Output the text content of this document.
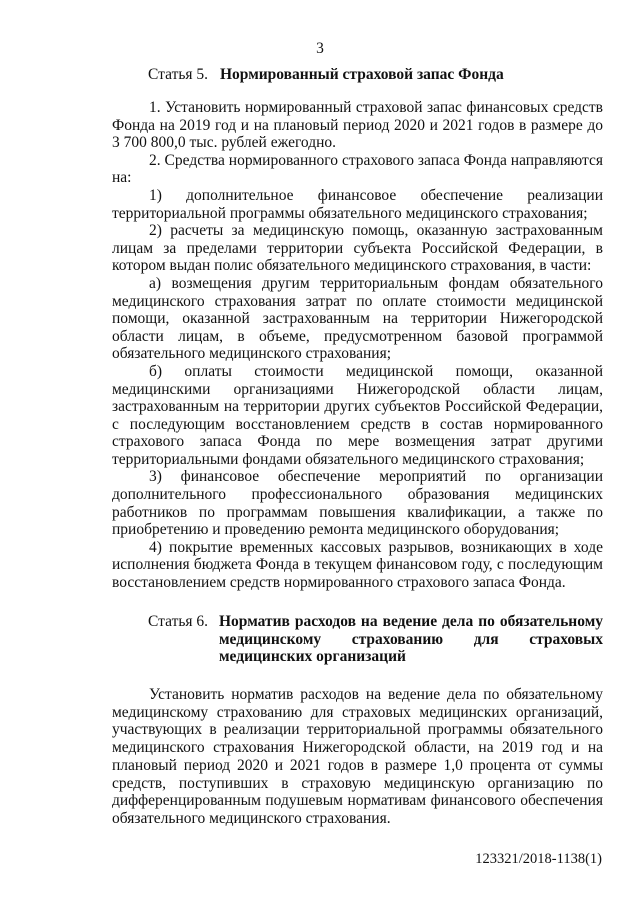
3
Статья 5. Нормированный страховой запас Фонда

1. Установить нормированный страховой запас финансовых средств Фонда на 2019 год и на плановый период 2020 и 2021 годов в размере до 3 700 800,0 тыс. рублей ежегодно.

2. Средства нормированного страхового запаса Фонда направляются на:

1) дополнительное финансовое обеспечение реализации территориальной программы обязательного медицинского страхования;

2) расчеты за медицинскую помощь, оказанную застрахованным лицам за пределами территории субъекта Российской Федерации, в котором выдан полис обязательного медицинского страхования, в части:

а) возмещения другим территориальным фондам обязательного медицинского страхования затрат по оплате стоимости медицинской помощи, оказанной застрахованным на территории Нижегородской области лицам, в объеме, предусмотренном базовой программой обязательного медицинского страхования;

б) оплаты стоимости медицинской помощи, оказанной медицинскими организациями Нижегородской области лицам, застрахованным на территории других субъектов Российской Федерации, с последующим восстановлением средств в состав нормированного страхового запаса Фонда по мере возмещения затрат другими территориальными фондами обязательного медицинского страхования;

3) финансовое обеспечение мероприятий по организации дополнительного профессионального образования медицинских работников по программам повышения квалификации, а также по приобретению и проведению ремонта медицинского оборудования;

4) покрытие временных кассовых разрывов, возникающих в ходе исполнения бюджета Фонда в текущем финансовом году, с последующим восстановлением средств нормированного страхового запаса Фонда.

Статья 6. Норматив расходов на ведение дела по обязательному медицинскому страхованию для страховых медицинских организаций

Установить норматив расходов на ведение дела по обязательному медицинскому страхованию для страховых медицинских организаций, участвующих в реализации территориальной программы обязательного медицинского страхования Нижегородской области, на 2019 год и на плановый период 2020 и 2021 годов в размере 1,0 процента от суммы средств, поступивших в страховую медицинскую организацию по дифференцированным подушевым нормативам финансового обеспечения обязательного медицинского страхования.

123321/2018-1138(1)
